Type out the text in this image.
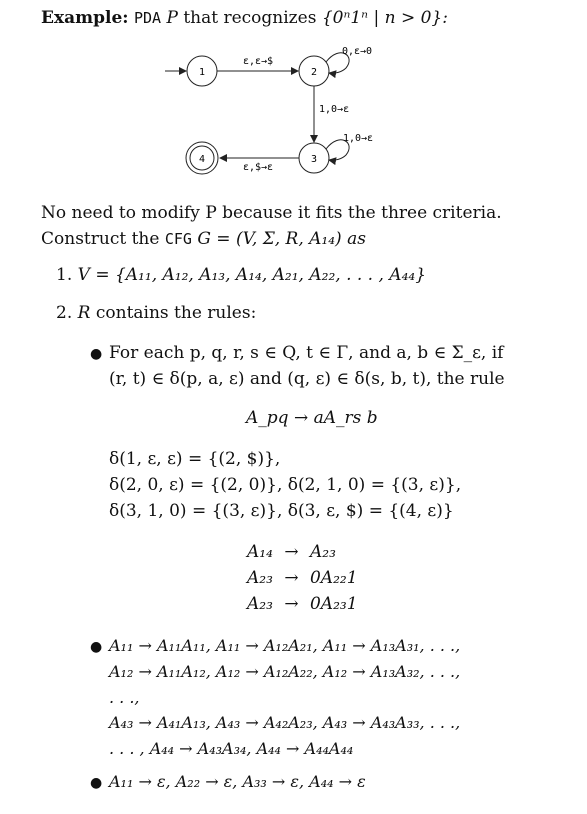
Example: PDA P that recognizes {0ⁿ1ⁿ | n > 0}:
1	2
3
4
ε,ε→$
0,ε→0
1,0→ε
1,0→ε
ε,$→ε
No need to modify P because it fits the three criteria.
Construct the CFG G = (V, Σ, R, A₁₄) as
1. V = {A₁₁, A₁₂, A₁₃, A₁₄, A₂₁, A₂₂, . . . , A₄₄}
2. R contains the rules:
● For each p, q, r, s ∈ Q, t ∈ Γ, and a, b ∈ Σ_ε, if
(r, t) ∈ δ(p, a, ε) and (q, ε) ∈ δ(s, b, t), the rule
A_pq → aA_rs b
δ(1, ε, ε) = {(2, $)},
δ(2, 0, ε) = {(2, 0)}, δ(2, 1, 0) = {(3, ε)},
δ(3, 1, 0) = {(3, ε)}, δ(3, ε, $) = {(4, ε)}
A₁₄ → A₂₃
A₂₃ → 0A₂₂1
A₂₃ → 0A₂₃1
● A₁₁ → A₁₁A₁₁, A₁₁ → A₁₂A₂₁, A₁₁ → A₁₃A₃₁, . . .,
A₁₂ → A₁₁A₁₂, A₁₂ → A₁₂A₂₂, A₁₂ → A₁₃A₃₂, . . .,
. . .,
A₄₃ → A₄₁A₁₃, A₄₃ → A₄₂A₂₃, A₄₃ → A₄₃A₃₃, . . .,
. . . , A₄₄ → A₄₃A₃₄, A₄₄ → A₄₄A₄₄
● A₁₁ → ε, A₂₂ → ε, A₃₃ → ε, A₄₄ → ε
